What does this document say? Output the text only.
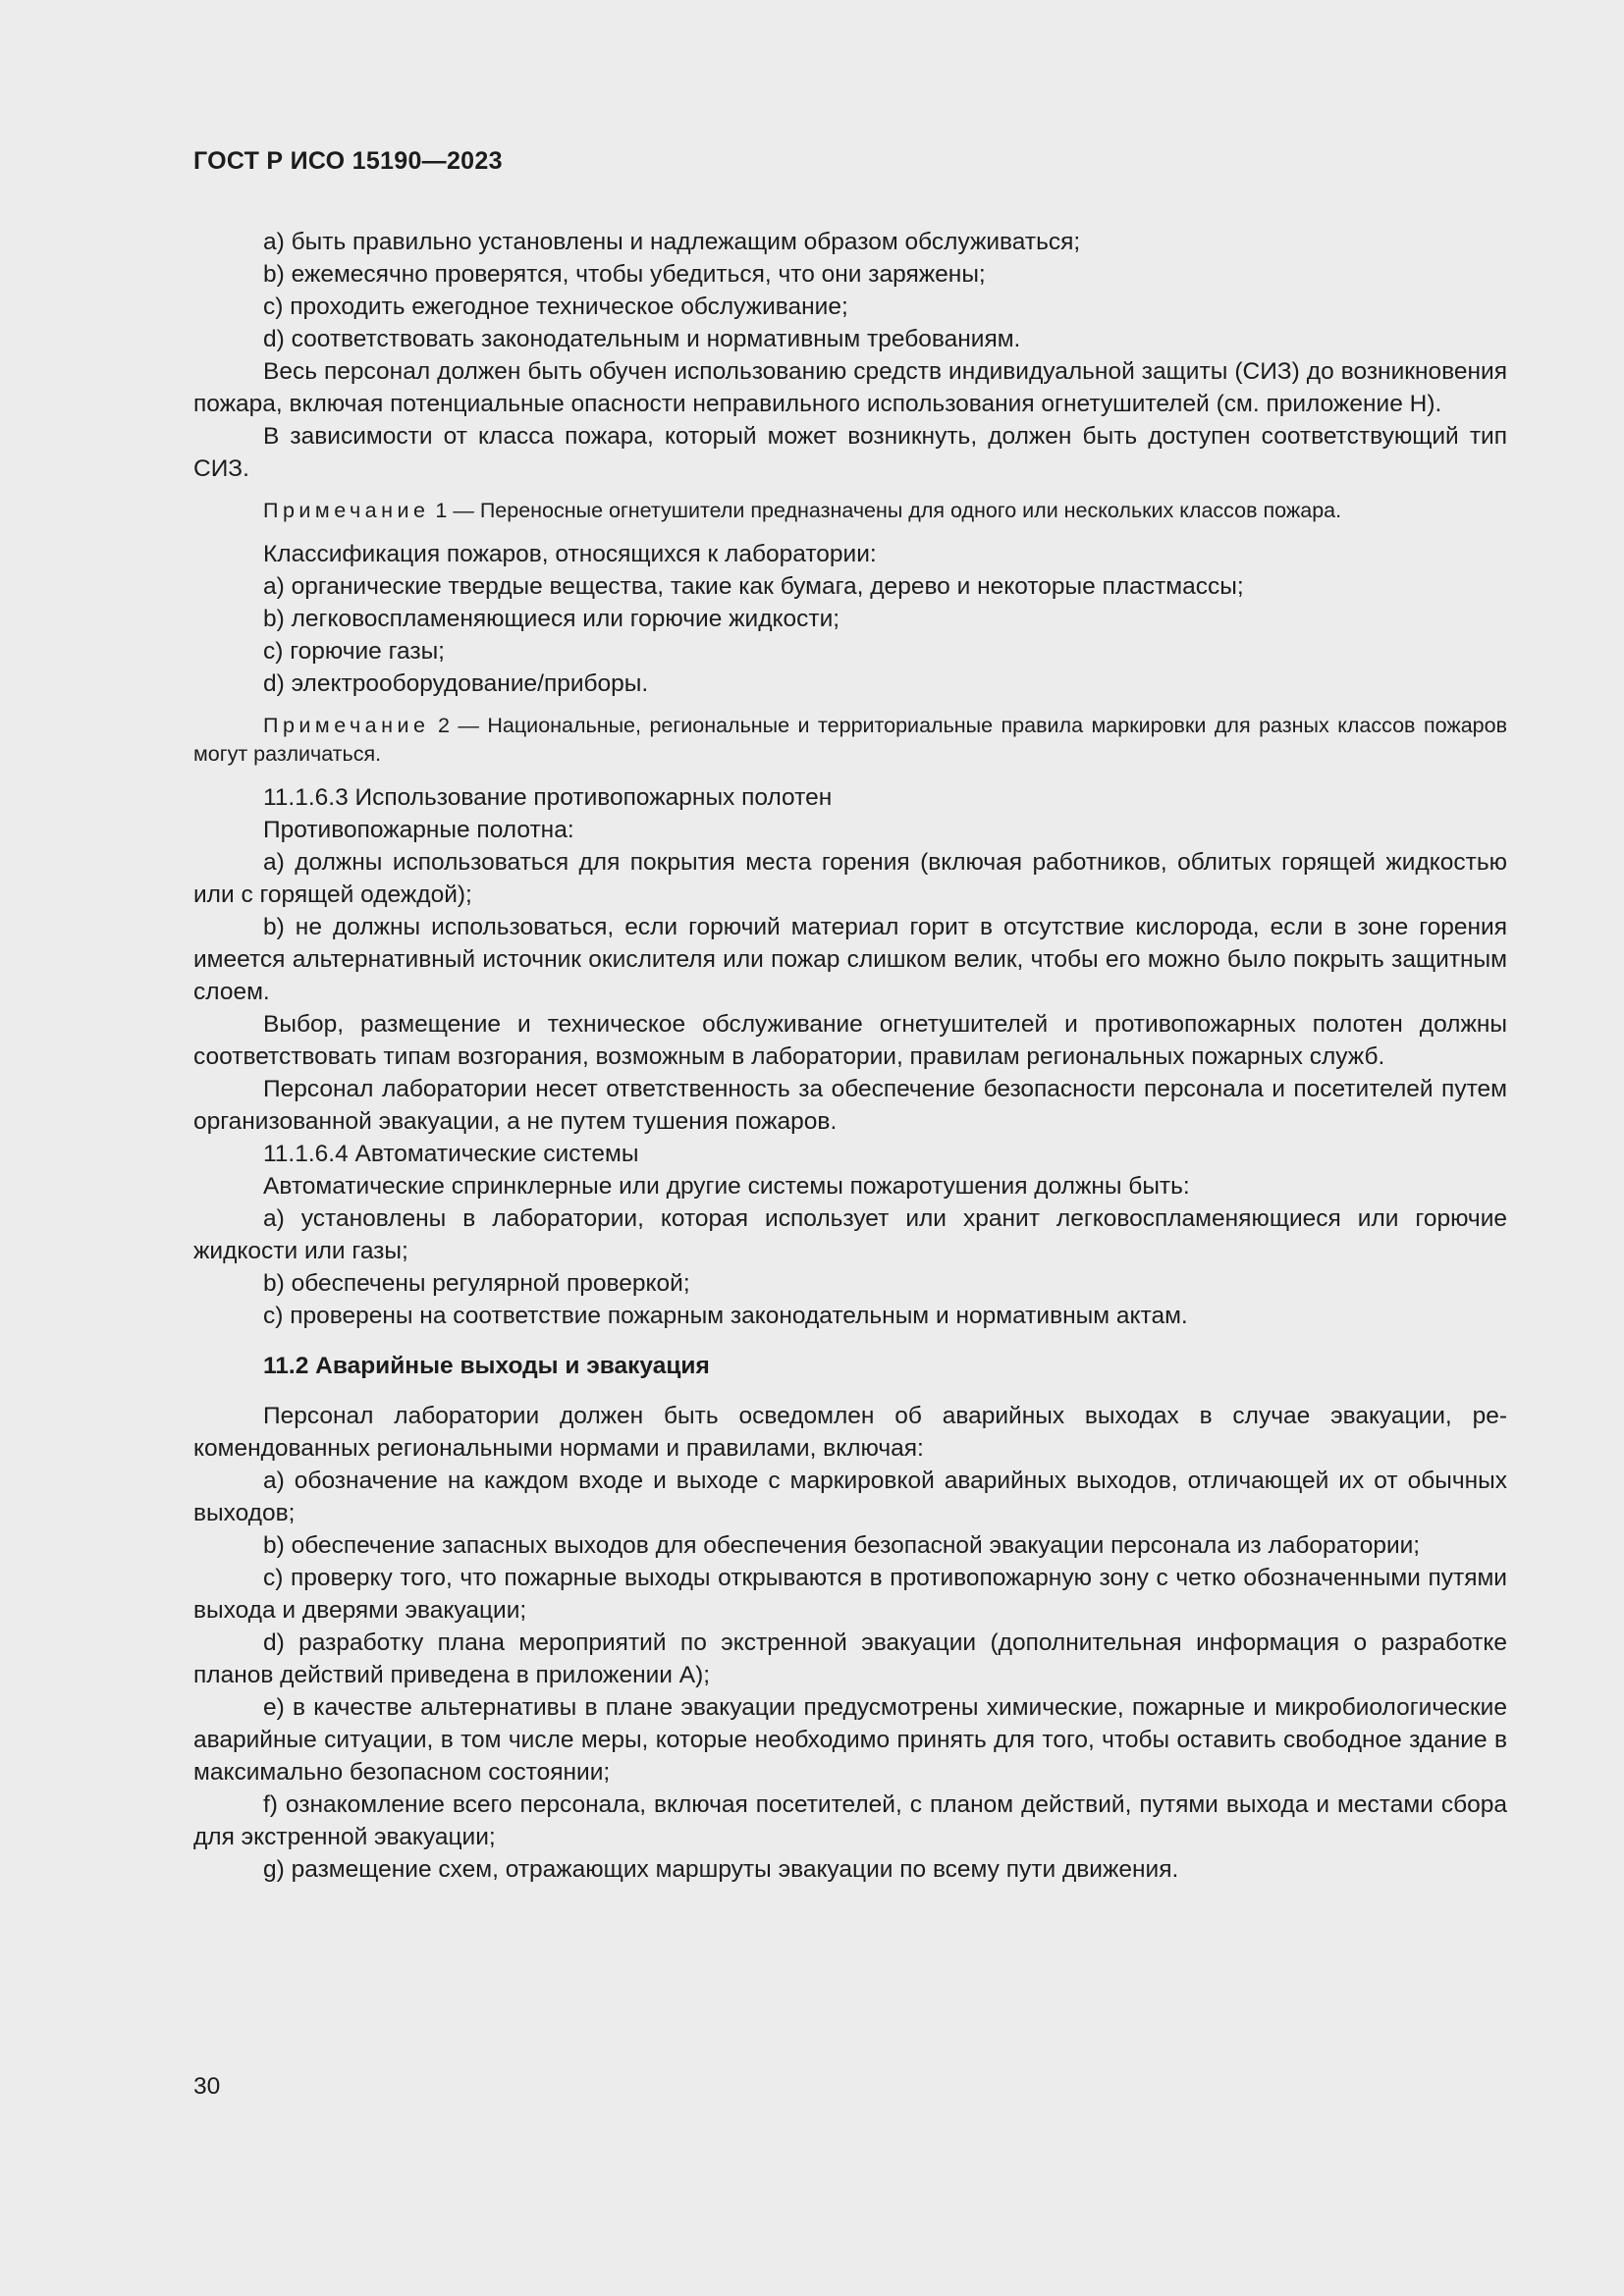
ГОСТ Р ИСО 15190—2023

a) быть правильно установлены и надлежащим образом обслуживаться;

b) ежемесячно проверятся, чтобы убедиться, что они заряжены;

c) проходить ежегодное техническое обслуживание;

d) соответствовать законодательным и нормативным требованиям.

Весь персонал должен быть обучен использованию средств индивидуальной защиты (СИЗ) до возникновения пожара, включая потенциальные опасности неправильного использования огнетушителей (см. приложение Н).

В зависимости от класса пожара, который может возникнуть, должен быть доступен соответствующий тип СИЗ.

Примечание 1 — Переносные огнетушители предназначены для одного или нескольких классов пожара.

Классификация пожаров, относящихся к лаборатории:

a) органические твердые вещества, такие как бумага, дерево и некоторые пластмассы;

b) легковоспламеняющиеся или горючие жидкости;

c) горючие газы;

d) электрооборудование/приборы.

Примечание 2 — Национальные, региональные и территориальные правила маркировки для разных классов пожаров могут различаться.

11.1.6.3 Использование противопожарных полотен

Противопожарные полотна:

a) должны использоваться для покрытия места горения (включая работников, облитых горящей жидкостью или с горящей одеждой);

b) не должны использоваться, если горючий материал горит в отсутствие кислорода, если в зоне горения имеется альтернативный источник окислителя или пожар слишком велик, чтобы его можно было покрыть защитным слоем.

Выбор, размещение и техническое обслуживание огнетушителей и противопожарных полотен должны соответствовать типам возгорания, возможным в лаборатории, правилам региональных пожарных служб.

Персонал лаборатории несет ответственность за обеспечение безопасности персонала и посетителей путем организованной эвакуации, а не путем тушения пожаров.

11.1.6.4 Автоматические системы

Автоматические спринклерные или другие системы пожаротушения должны быть:

a) установлены в лаборатории, которая использует или хранит легковоспламеняющиеся или горючие жидкости или газы;

b) обеспечены регулярной проверкой;

c) проверены на соответствие пожарным законодательным и нормативным актам.

11.2 Аварийные выходы и эвакуация

Персонал лаборатории должен быть осведомлен об аварийных выходах в случае эвакуации, рекомендованных региональными нормами и правилами, включая:

a) обозначение на каждом входе и выходе с маркировкой аварийных выходов, отличающей их от обычных выходов;

b) обеспечение запасных выходов для обеспечения безопасной эвакуации персонала из лаборатории;

c) проверку того, что пожарные выходы открываются в противопожарную зону с четко обозначенными путями выхода и дверями эвакуации;

d) разработку плана мероприятий по экстренной эвакуации (дополнительная информация о разработке планов действий приведена в приложении А);

e) в качестве альтернативы в плане эвакуации предусмотрены химические, пожарные и микробиологические аварийные ситуации, в том числе меры, которые необходимо принять для того, чтобы оставить свободное здание в максимально безопасном состоянии;

f) ознакомление всего персонала, включая посетителей, с планом действий, путями выхода и местами сбора для экстренной эвакуации;

g) размещение схем, отражающих маршруты эвакуации по всему пути движения.

30
